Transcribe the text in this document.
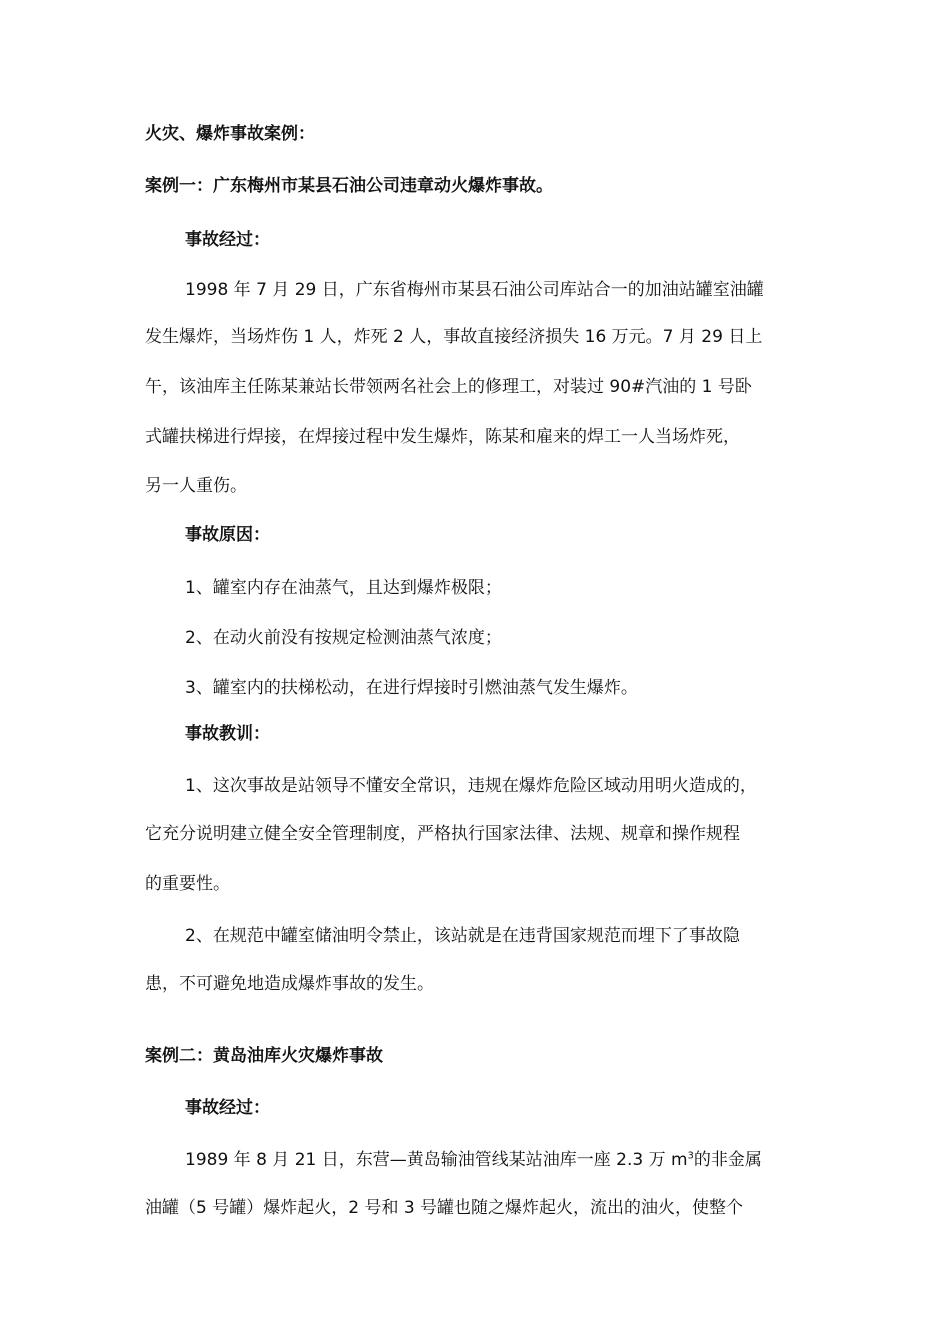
火灾、爆炸事故案例：
案例一：广东梅州市某县石油公司违章动火爆炸事故。
事故经过：
1998 年 7 月 29 日，广东省梅州市某县石油公司库站合一的加油站罐室油罐
发生爆炸，当场炸伤 1 人，炸死 2 人，事故直接经济损失 16 万元。7 月 29 日上
午，该油库主任陈某兼站长带领两名社会上的修理工，对装过 90#汽油的 1 号卧
式罐扶梯进行焊接，在焊接过程中发生爆炸，陈某和雇来的焊工一人当场炸死，
另一人重伤。
事故原因：
1、罐室内存在油蒸气，且达到爆炸极限；
2、在动火前没有按规定检测油蒸气浓度；
3、罐室内的扶梯松动，在进行焊接时引燃油蒸气发生爆炸。
事故教训：
1、这次事故是站领导不懂安全常识，违规在爆炸危险区域动用明火造成的，
它充分说明建立健全安全管理制度，严格执行国家法律、法规、规章和操作规程
的重要性。
2、在规范中罐室储油明令禁止，该站就是在违背国家规范而埋下了事故隐
患，不可避免地造成爆炸事故的发生。
案例二：黄岛油库火灾爆炸事故
事故经过：
1989 年 8 月 21 日，东营—黄岛输油管线某站油库一座 2.3 万 $m^3$的非金属
油罐（5 号罐）爆炸起火，2 号和 3 号罐也随之爆炸起火，流出的油火，使整个
